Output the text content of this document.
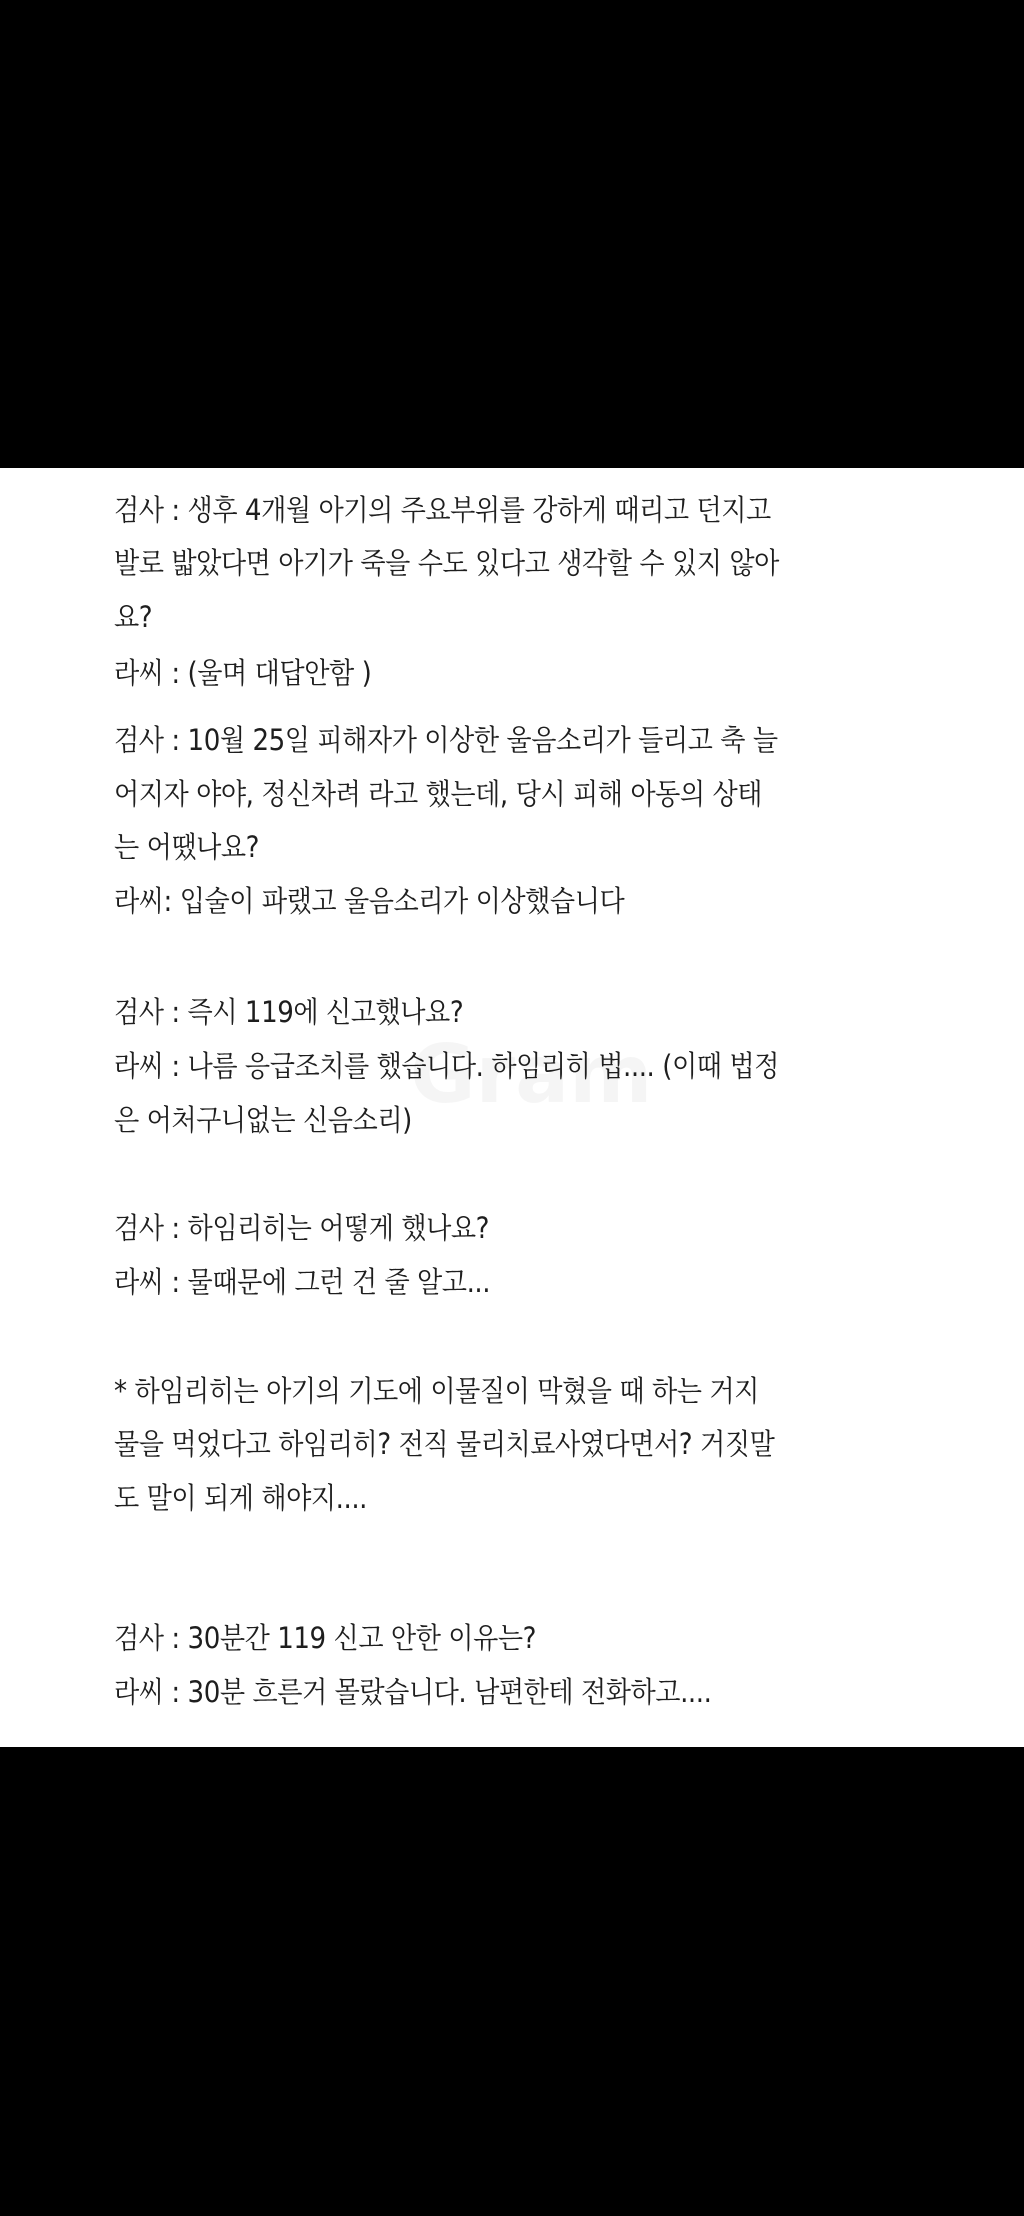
검사 : 생후 4개월 아기의 주요부위를 강하게 때리고 던지고
발로 밟았다면 아기가 죽을 수도 있다고 생각할 수 있지 않아
요?
라씨 : (울며 대답안함 )
검사 : 10월 25일 피해자가 이상한 울음소리가 들리고 축 늘
어지자 야야, 정신차려 라고 했는데, 당시 피해 아동의 상태
는 어땠나요?
라씨: 입술이 파랬고 울음소리가 이상했습니다
검사 : 즉시 119에 신고했나요?
라씨 : 나름 응급조치를 했습니다. 하임리히 법.... (이때 법정
은 어처구니없는 신음소리)
검사 : 하임리히는 어떻게 했나요?
라씨 : 물때문에 그런 건 줄 알고...
* 하임리히는 아기의 기도에 이물질이 막혔을 때 하는 거지
물을 먹었다고 하임리히? 전직 물리치료사였다면서? 거짓말
도 말이 되게 해야지....
검사 : 30분간 119 신고 안한 이유는?
라씨 : 30분 흐른거 몰랐습니다. 남편한테 전화하고....
